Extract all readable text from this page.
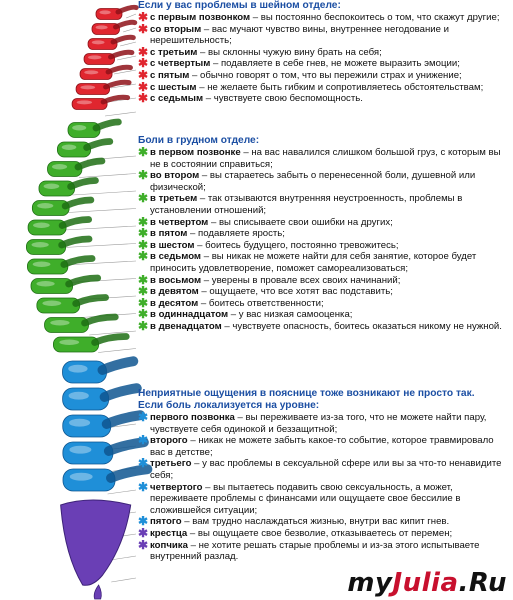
Если у вас проблемы в шейном отделе:
✱ с первым позвонком – вы постоянно беспокоитесь о том, что скажут другие;
✱ со вторым – вас мучают чувство вины, внутреннее негодование и нерешительность;
✱ с третьим – вы склонны чужую вину брать на себя;
✱ с четвертым – подавляете в себе гнев, не можете выразить эмоции;
✱ с пятым – обычно говорят о том, что вы пережили страх и унижение;
✱ с шестым – не желаете быть гибким и сопротивляетесь обстоятельствам;
✱ с седьмым – чувствуете свою беспомощность.
Боли в грудном отделе:
✱ в первом позвонке – на вас навалился слишком большой груз, с которым вы не в состоянии справиться;
✱ во втором – вы стараетесь забыть о перенесенной боли, душевной или физической;
✱ в третьем – так отзываются внутренняя неустроенность, проблемы в установлении отношений;
✱ в четвертом – вы списываете свои ошибки на других;
✱ в пятом – подавляете ярость;
✱ в шестом – боитесь будущего, постоянно тревожитесь;
✱ в седьмом – вы никак не можете найти для себя занятие, которое будет приносить удовлетворение, поможет самореализоваться;
✱ в восьмом – уверены в провале всех своих начинаний;
✱ в девятом – ощущаете, что все хотят вас подставить;
✱ в десятом – боитесь ответственности;
✱ в одиннадцатом – у вас низкая самооценка;
✱ в двенадцатом – чувствуете опасность, боитесь оказаться никому не нужной.
Неприятные ощущения в пояснице тоже возникают не просто так.
Если боль локализуется на уровне:
✱ первого позвонка – вы переживаете из-за того, что не можете найти пару, чувствуете себя одинокой и беззащитной;
✱ второго – никак не можете забыть какое-то событие, которое травмировало вас в детстве;
✱ третьего – у вас проблемы в сексуальной сфере или вы за что-то ненавидите себя;
✱ четвертого – вы пытаетесь подавить свою сексуальность, а может, переживаете проблемы с финансами или ощущаете свое бессилие в сложившейся ситуации;
✱ пятого – вам трудно наслаждаться жизнью, внутри вас кипит гнев.
✱ крестца – вы ощущаете свое безволие, отказываетесь от перемен;
✱ копчика – не хотите решать старые проблемы и из-за этого испытываете внутренний разлад.
myJulia.Ru
